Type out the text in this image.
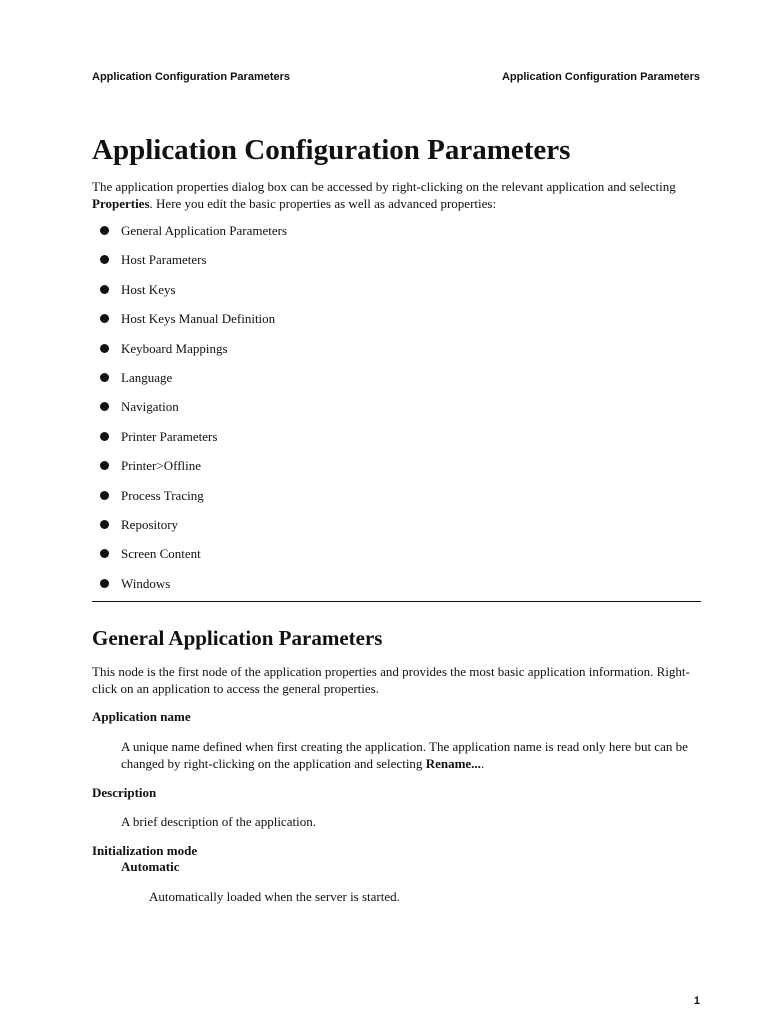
Application Configuration Parameters	Application Configuration Parameters
Application Configuration Parameters

The application properties dialog box can be accessed by right-clicking on the relevant application and selecting Properties. Here you edit the basic properties as well as advanced properties:

General Application Parameters
Host Parameters
Host Keys
Host Keys Manual Definition
Keyboard Mappings
Language
Navigation
Printer Parameters
Printer>Offline
Process Tracing
Repository
Screen Content
Windows
General Application Parameters

This node is the first node of the application properties and provides the most basic application information. Right-click on an application to access the general properties.

Application name

A unique name defined when first creating the application. The application name is read only here but can be changed by right-clicking on the application and selecting Rename....

Description
A brief description of the application.
Initialization mode
Automatic
Automatically loaded when the server is started.
1
